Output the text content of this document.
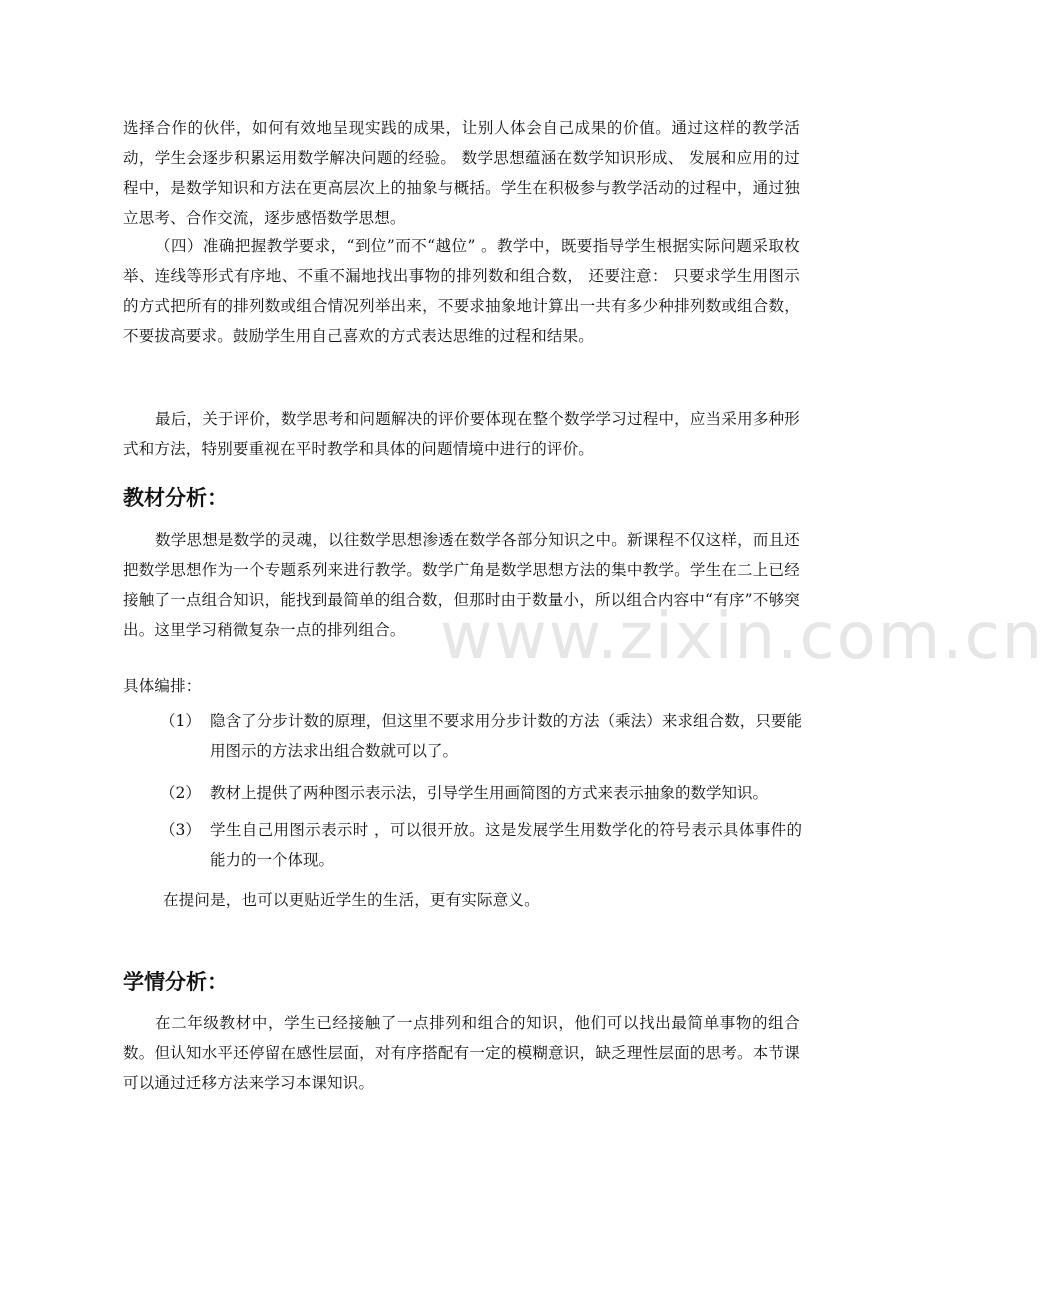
www.zixin.com.cn

选择合作的伙伴，如何有效地呈现实践的成果，让别人体会自己成果的价值。通过这样的教学活动，学生会逐步积累运用数学解决问题的经验。 数学思想蕴涵在数学知识形成、 发展和应用的过程中，是数学知识和方法在更高层次上的抽象与概括。学生在积极参与教学活动的过程中，通过独立思考、合作交流，逐步感悟数学思想。

（四）准确把握教学要求，“到位”而不“越位” 。教学中，既要指导学生根据实际问题采取枚举、连线等形式有序地、不重不漏地找出事物的排列数和组合数， 还要注意： 只要求学生用图示的方式把所有的排列数或组合情况列举出来，不要求抽象地计算出一共有多少种排列数或组合数，不要拔高要求。鼓励学生用自己喜欢的方式表达思维的过程和结果。

最后，关于评价，数学思考和问题解决的评价要体现在整个数学学习过程中，应当采用多种形式和方法，特别要重视在平时教学和具体的问题情境中进行的评价。

教材分析：

数学思想是数学的灵魂，以往数学思想渗透在数学各部分知识之中。新课程不仅这样，而且还把数学思想作为一个专题系列来进行教学。数学广角是数学思想方法的集中教学。学生在二上已经接触了一点组合知识，能找到最简单的组合数，但那时由于数量小，所以组合内容中“有序”不够突出。这里学习稍微复杂一点的排列组合。

具体编排：

（1） 隐含了分步计数的原理，但这里不要求用分步计数的方法（乘法）来求组合数，只要能用图示的方法求出组合数就可以了。
（2） 教材上提供了两种图示表示法，引导学生用画简图的方式来表示抽象的数学知识。
（3） 学生自己用图示表示时 ，可以很开放。这是发展学生用数学化的符号表示具体事件的能力的一个体现。

在提问是，也可以更贴近学生的生活，更有实际意义。

学情分析：

在二年级教材中，学生已经接触了一点排列和组合的知识，他们可以找出最简单事物的组合数。但认知水平还停留在感性层面，对有序搭配有一定的模糊意识，缺乏理性层面的思考。本节课可以通过迁移方法来学习本课知识。
